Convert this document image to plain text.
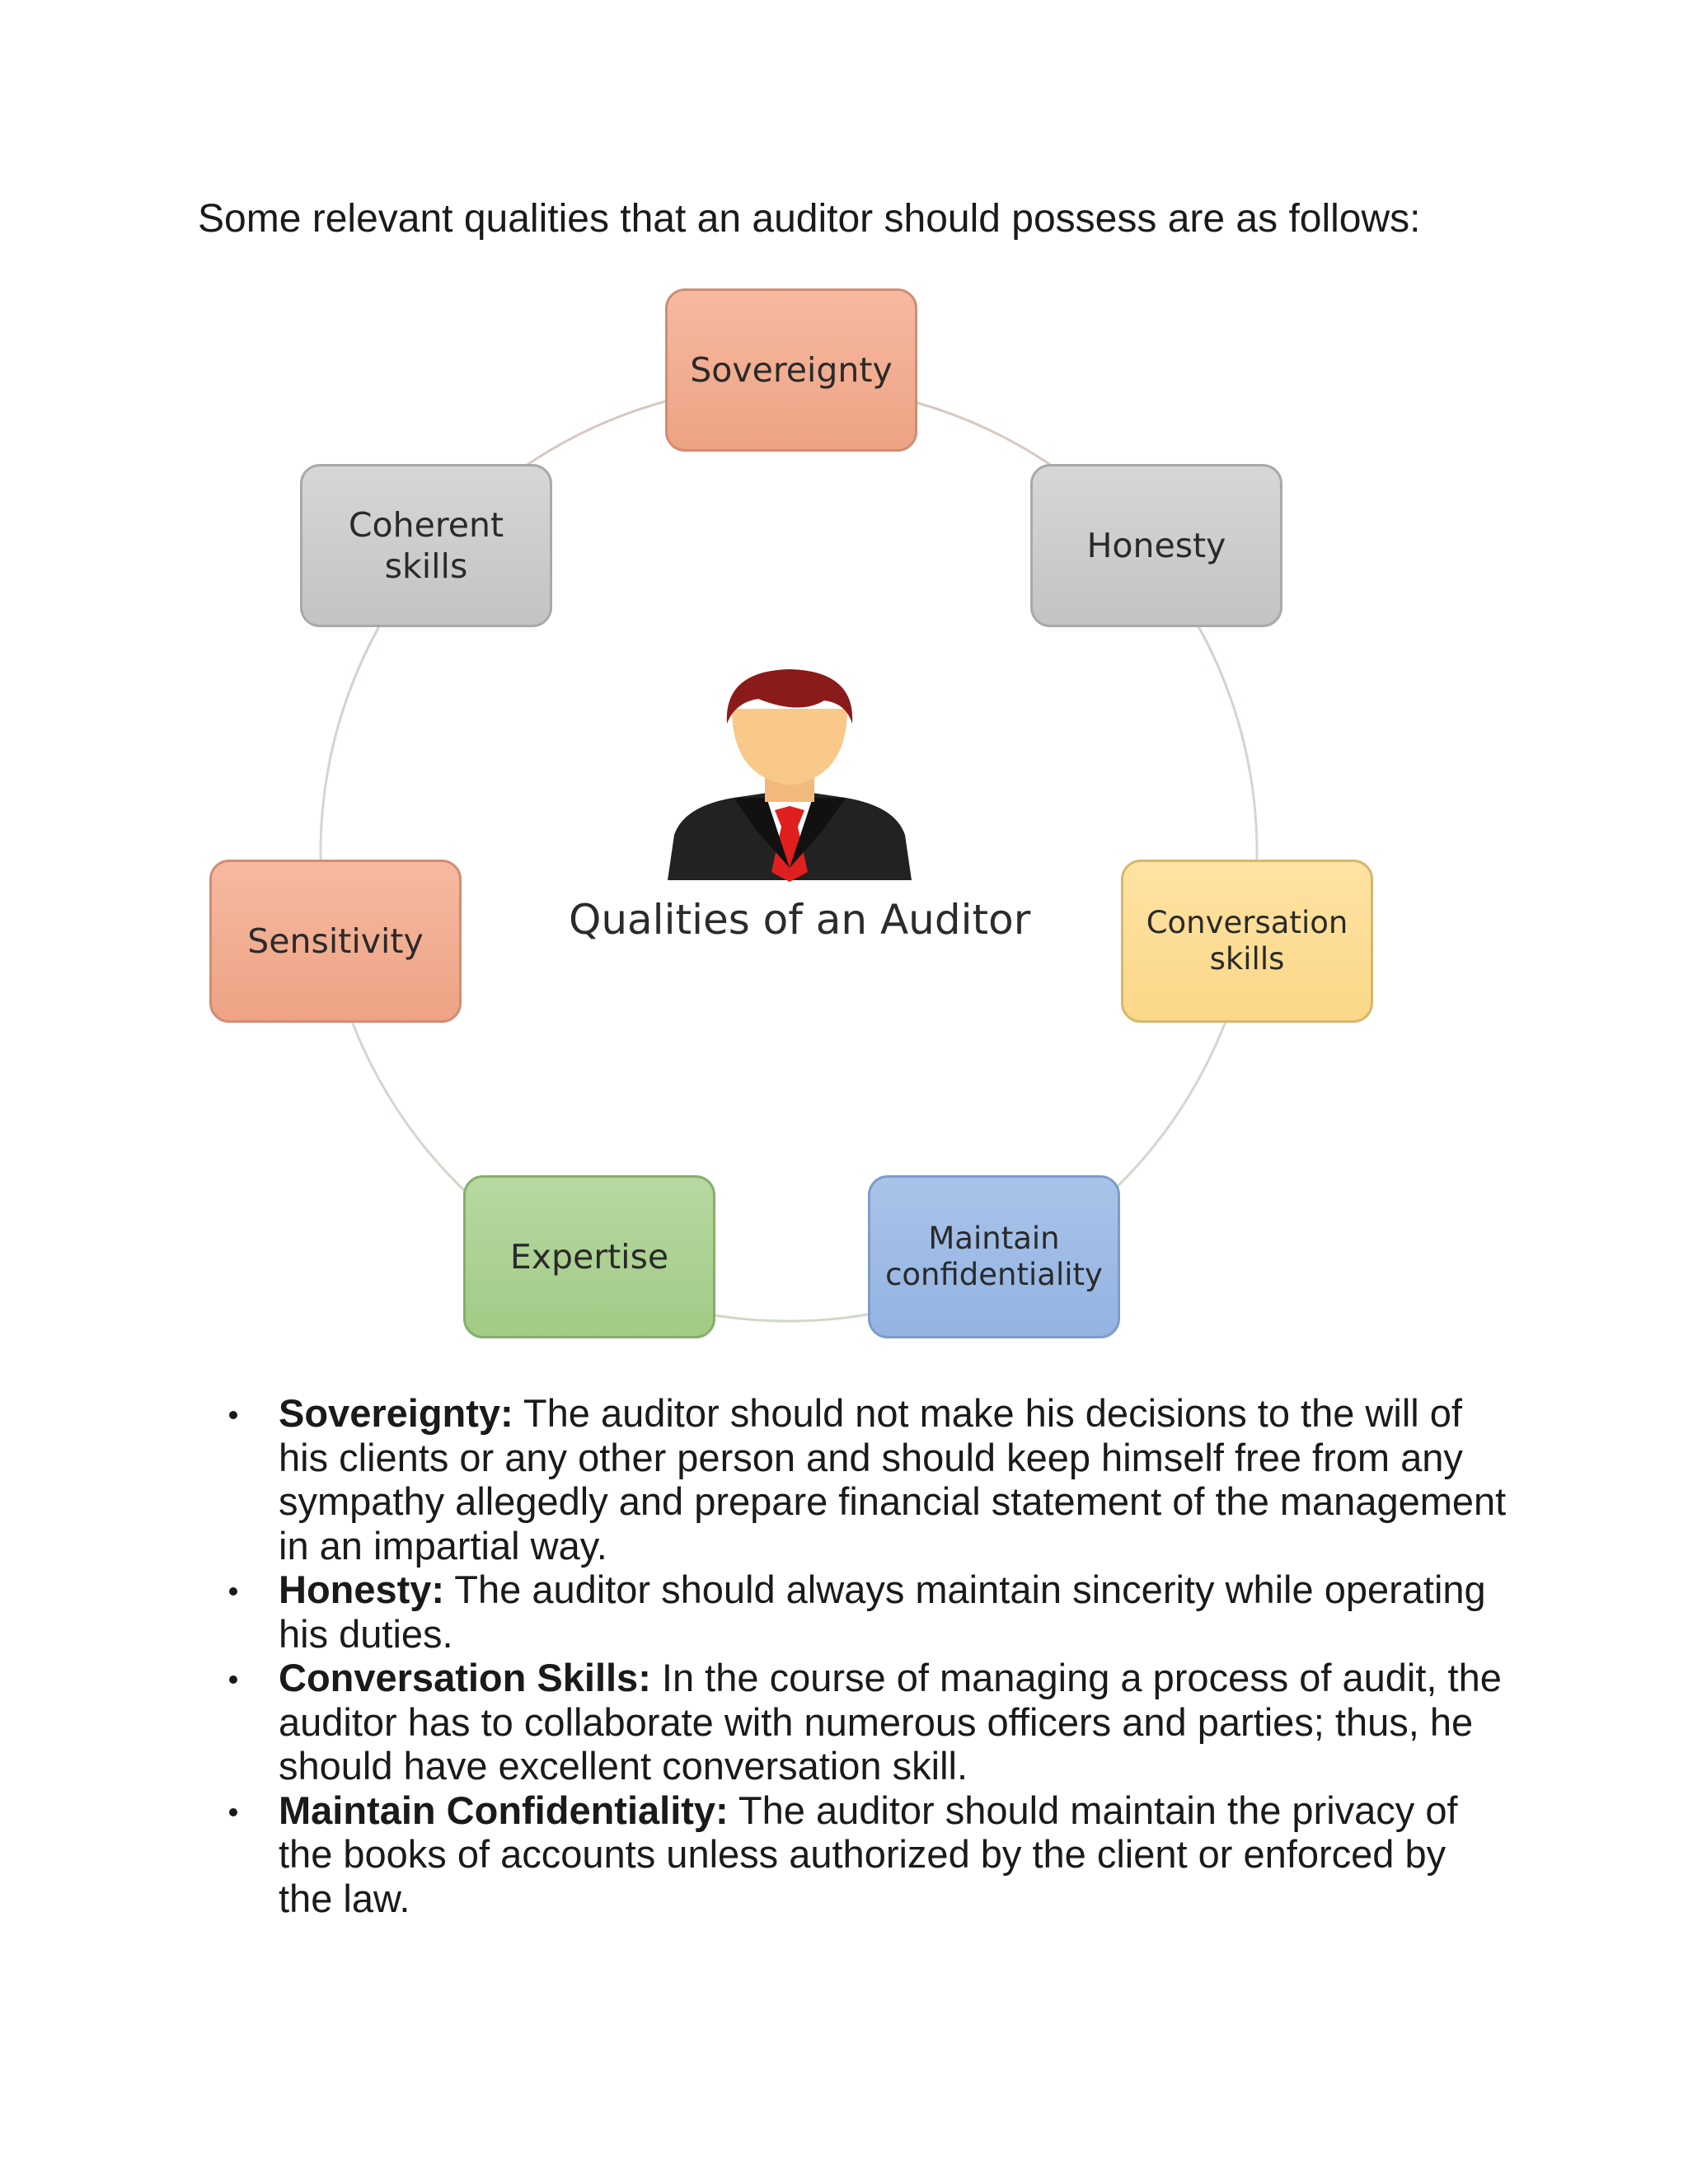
Some relevant qualities that an auditor should possess are as follows:

Qualities of an Auditor

Sovereignty
Honesty
Conversation
skills
Maintain
confidentiality
Expertise
Sensitivity
Coherent
skills
Sovereignty: The auditor should not make his decisions to the will of his clients or any other person and should keep himself free from any sympathy allegedly and prepare financial statement of the management in an impartial way.
Honesty: The auditor should always maintain sincerity while operating his duties.
Conversation Skills: In the course of managing a process of audit, the auditor has to collaborate with numerous officers and parties; thus, he should have excellent conversation skill.
Maintain Confidentiality: The auditor should maintain the privacy of the books of accounts unless authorized by the client or enforced by the law.
